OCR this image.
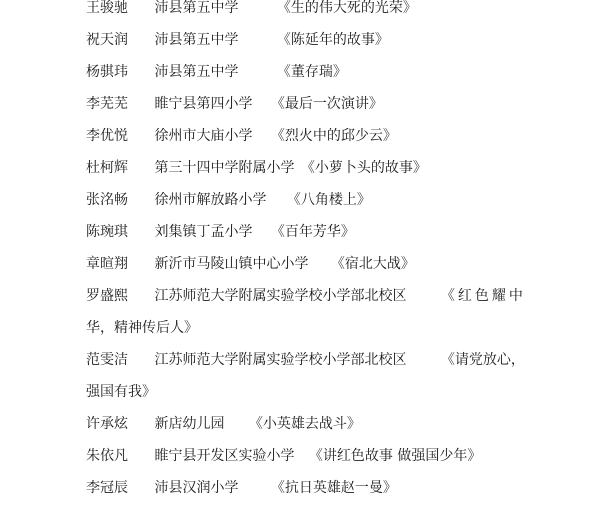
王骏驰 沛县第五中学	《生的伟大死的光荣》
祝天润 沛县第五中学	《陈延年的故事》
杨骐玮 沛县第五中学	《董存瑞》
李芜芜 睢宁县第四小学 《最后一次演讲》
李优悦 徐州市大庙小学 《烈火中的邱少云》
杜柯辉 第三十四中学附属小学 《小萝卜头的故事》
张洺畅 徐州市解放路小学 《八角楼上》
陈琬琪 刘集镇丁孟小学 《百年芳华》
章暄翔 新沂市马陵山镇中心小学 《宿北大战》
罗盛熙 江苏师范大学附属实验学校小学部北校区 《红色耀中
华，精神传后人》
范雯洁 江苏师范大学附属实验学校小学部北校区 《请党放心，
强国有我》
许承炫 新店幼儿园 《小英雄去战斗》
朱依凡 睢宁县开发区实验小学 《讲红色故事 做强国少年》
李冠辰 沛县汉润小学 《抗日英雄赵一曼》
